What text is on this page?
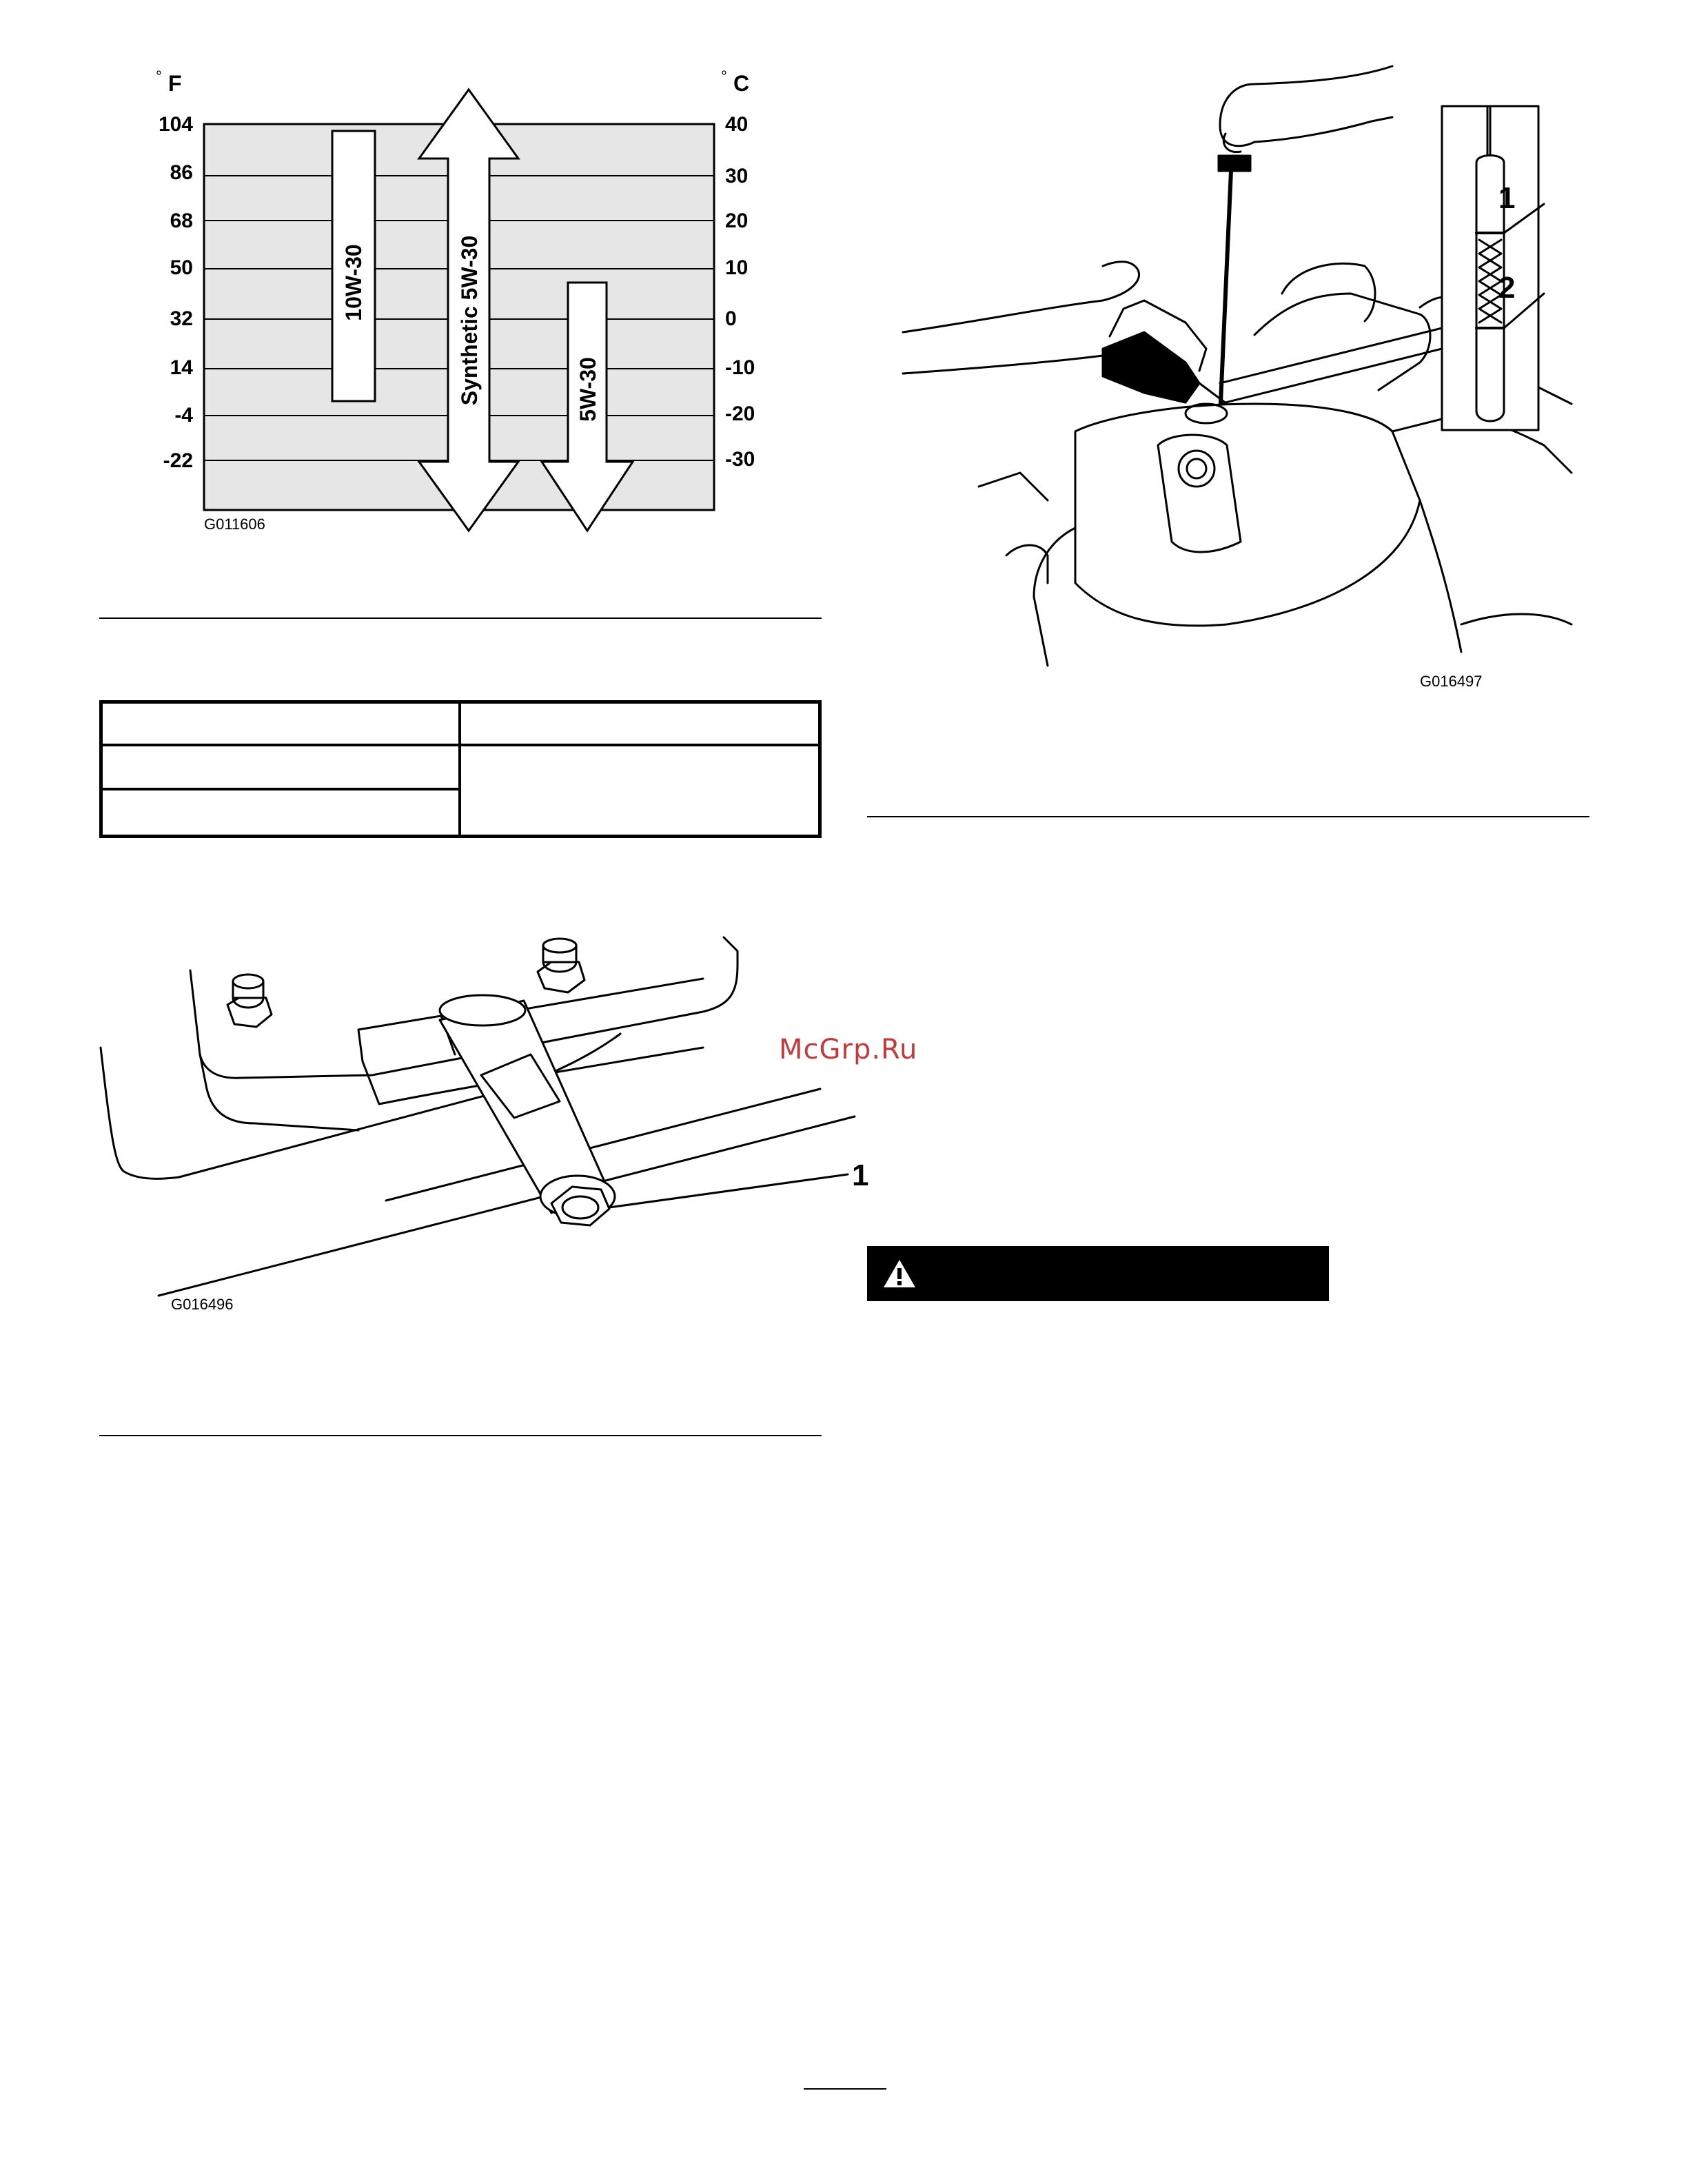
° F	° C
104
86
68
50
32
14
-4
-22
40
30
20
10
0
-10
-20
-30
10W-30	Synthetic 5W-30	5W-30
G011606
1
G016496
1
2
G016497
McGrp.Ru
